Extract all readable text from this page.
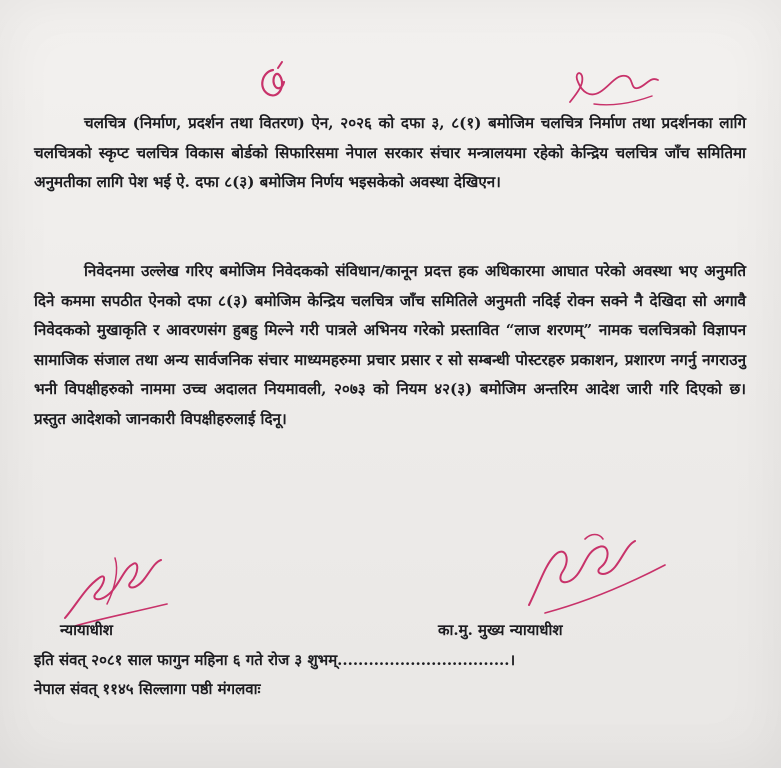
चलचित्र (निर्माण, प्रदर्शन तथा वितरण) ऐन, २०२६ को दफा ३, ८(१) बमोजिम चलचित्र निर्माण तथा प्रदर्शनका लागि चलचित्रको स्कृप्ट चलचित्र विकास बोर्डको सिफारिसमा नेपाल सरकार संचार मन्त्रालयमा रहेको केन्द्रिय चलचित्र जाँच समितिमा अनुमतीका लागि पेश भई ऐ. दफा ८(३) बमोजिम निर्णय भइसकेको अवस्था देखिएन।
निवेदनमा उल्लेख गरिए बमोजिम निवेदकको संविधान/कानून प्रदत्त हक अधिकारमा आघात परेको अवस्था भए अनुमति दिने कममा सपठीत ऐनको दफा ८(३) बमोजिम केन्द्रिय चलचित्र जाँच समितिले अनुमती नदिई रोक्न सक्ने नै देखिदा सो अगावै निवेदकको मुखाकृति र आवरणसंग हुबहु मिल्ने गरी पात्रले अभिनय गरेको प्रस्तावित “लाज शरणम्” नामक चलचित्रको विज्ञापन सामाजिक संजाल तथा अन्य सार्वजनिक संचार माध्यमहरुमा प्रचार प्रसार र सो सम्बन्धी पोस्टरहरु प्रकाशन, प्रशारण नगर्नु नगराउनु भनी विपक्षीहरुको नाममा उच्च अदालत नियमावली, २०७३ को नियम ४२(३) बमोजिम अन्तरिम आदेश जारी गरि दिएको छ। प्रस्तुत आदेशको जानकारी विपक्षीहरुलाई दिनू।
न्यायाधीश	का.मु. मुख्य न्यायाधीश
इति संवत् २०८१ साल फागुन महिना ६ गते रोज ३ शुभम्.................................।
नेपाल संवत् ११४५ सिल्लागा पष्ठी मंगलवाः
